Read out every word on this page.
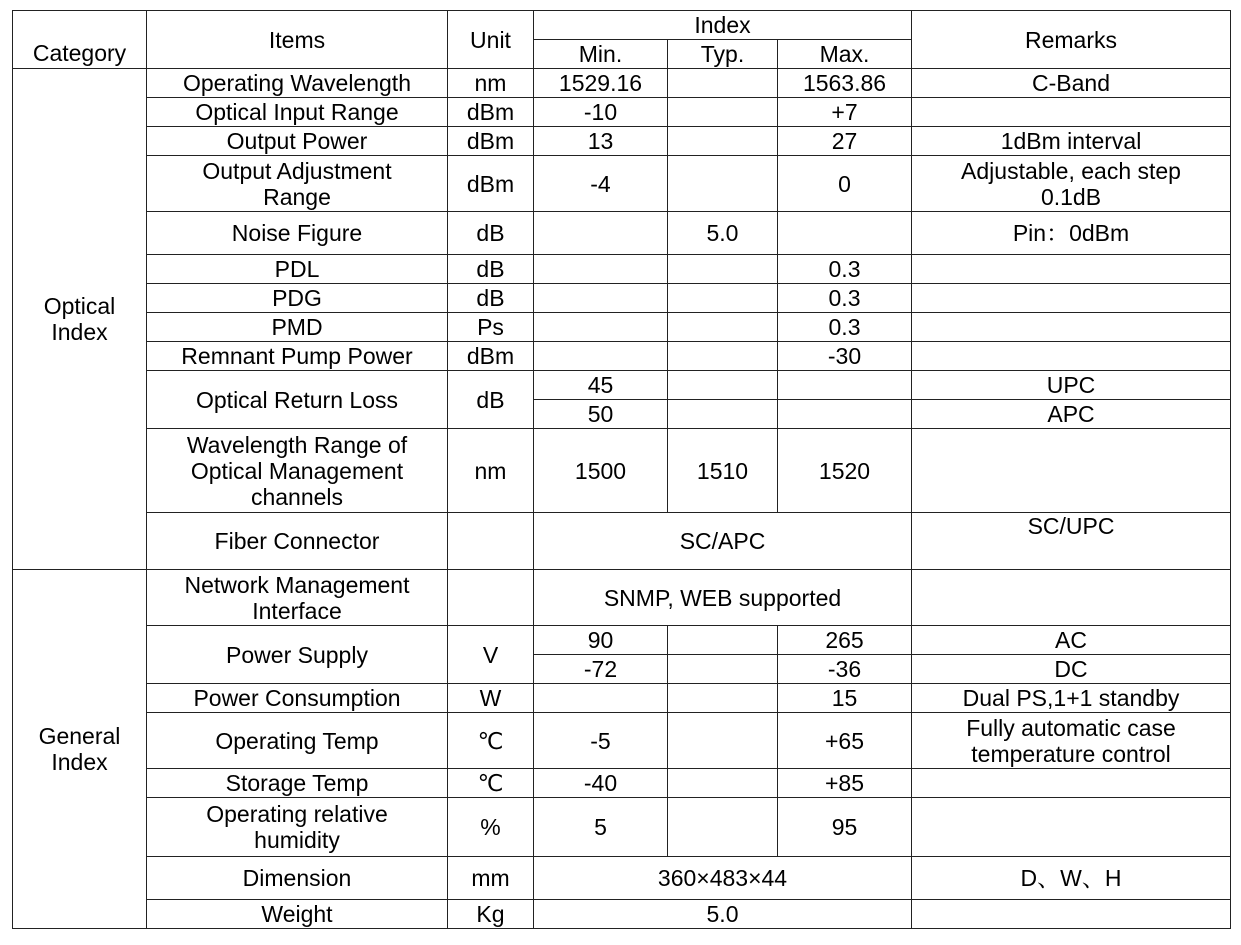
Category	Items	Unit	Index			Remarks
			Min.	Typ.	Max.	
Optical Index	Operating Wavelength	nm	1529.16		1563.86	C-Band
	Optical Input Range	dBm	-10		+7	
	Output Power	dBm	13		27	1dBm interval
	Output Adjustment Range	dBm	-4		0	Adjustable, each step 0.1dB
	Noise Figure	dB		5.0		Pin：0dBm
	PDL	dB			0.3	
	PDG	dB			0.3	
	PMD	Ps			0.3	
	Remnant Pump Power	dBm			-30	
	Optical Return Loss	dB	45			UPC
			50			APC
	Wavelength Range of Optical Management channels	nm	1500	1510	1520	
	Fiber Connector		SC/APC			SC/UPC
General Index	Network Management Interface		SNMP, WEB supported			
	Power Supply	V	90		265	AC
			-72		-36	DC
	Power Consumption	W			15	Dual PS,1+1 standby
	Operating Temp	℃	-5		+65	Fully automatic case temperature control
	Storage Temp	℃	-40		+85	
	Operating relative humidity	%	5		95	
	Dimension	mm	360×483×44			D、W、H
	Weight	Kg	5.0			
